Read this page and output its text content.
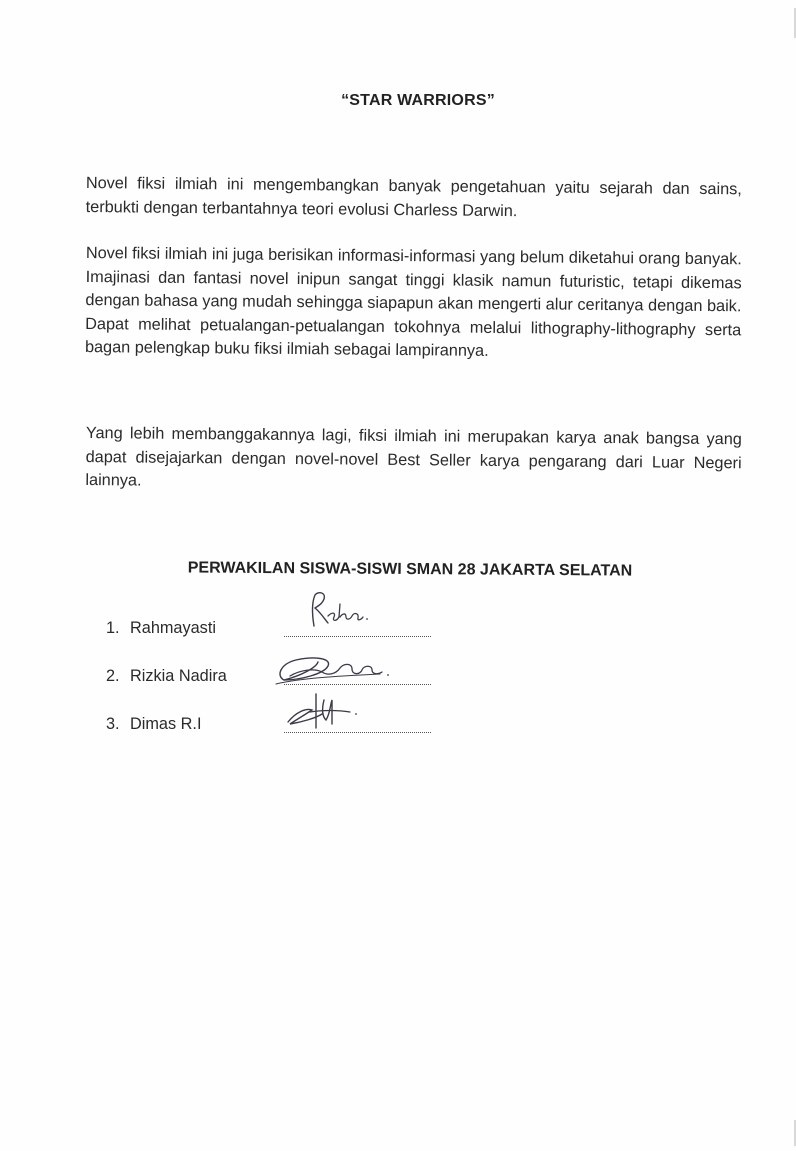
“STAR WARRIORS”
Novel fiksi ilmiah ini mengembangkan banyak pengetahuan yaitu sejarah dan sains, terbukti dengan terbantahnya teori evolusi Charless Darwin.
Novel fiksi ilmiah ini juga berisikan informasi-informasi yang belum diketahui orang banyak. Imajinasi dan fantasi novel inipun sangat tinggi klasik namun futuristic, tetapi dikemas dengan bahasa yang mudah sehingga siapapun akan mengerti alur ceritanya dengan baik. Dapat melihat petualangan-petualangan tokohnya melalui lithography-lithography serta bagan pelengkap buku fiksi ilmiah sebagai lampirannya.
Yang lebih membanggakannya lagi, fiksi ilmiah ini merupakan karya anak bangsa yang dapat disejajarkan dengan novel-novel Best Seller karya pengarang dari Luar Negeri lainnya.
PERWAKILAN SISWA-SISWI SMAN 28 JAKARTA SELATAN
1. Rahmayasti
2. Rizkia Nadira
3. Dimas R.I
